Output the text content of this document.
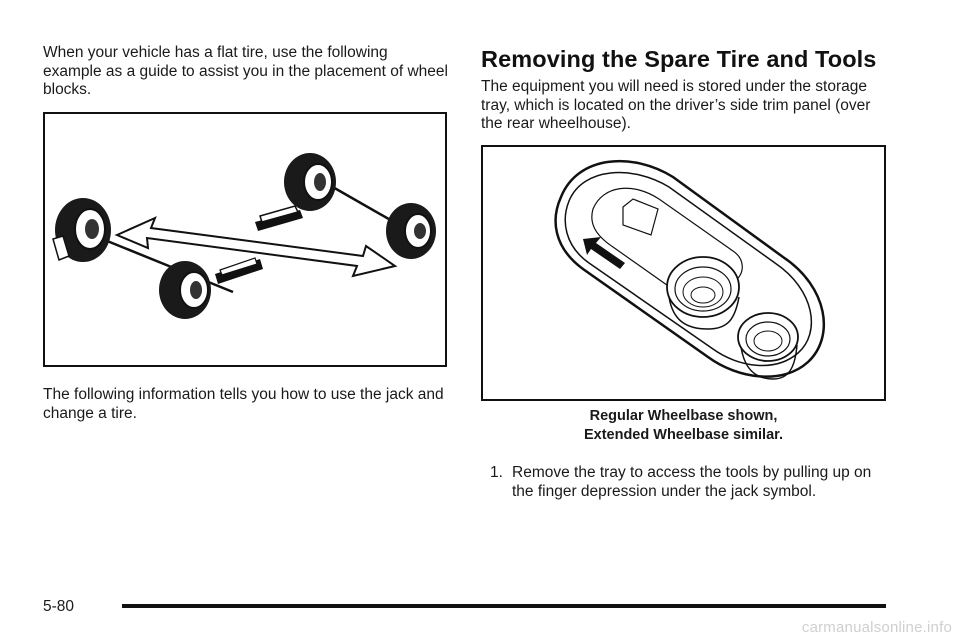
When your vehicle has a flat tire, use the following example as a guide to assist you in the placement of wheel blocks.

The following information tells you how to use the jack and change a tire.

Removing the Spare Tire and Tools

The equipment you will need is stored under the storage tray, which is located on the driver’s side trim panel (over the rear wheelhouse).

Regular Wheelbase shown,
Extended Wheelbase similar.
1. Remove the tray to access the tools by pulling up on the finger depression under the jack symbol.
5-80
carmanualsonline.info
